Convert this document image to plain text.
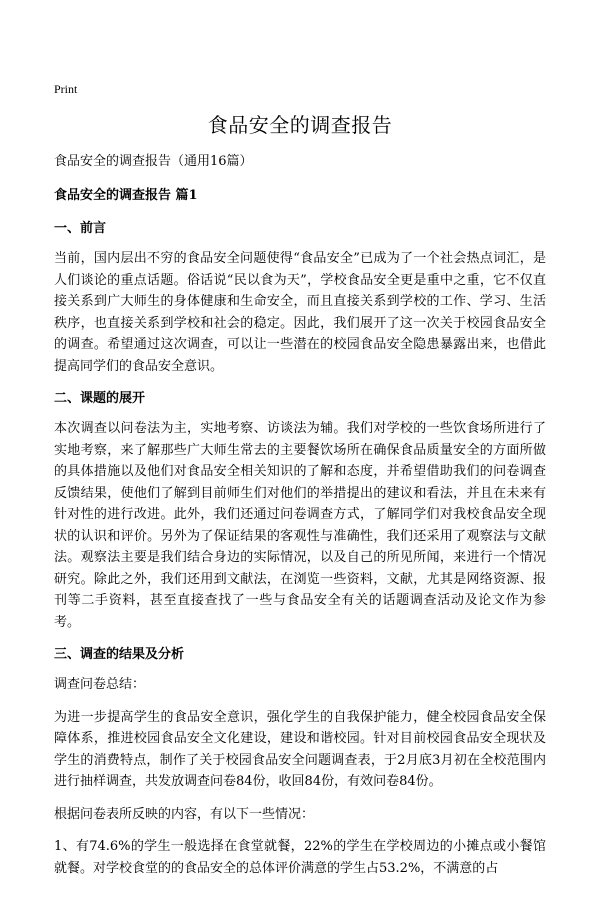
Print
食品安全的调查报告
食品安全的调查报告（通用16篇）
食品安全的调查报告 篇1
一、前言

当前，国内层出不穷的食品安全问题使得“食品安全”已成为了一个社会热点词汇，是人们谈论的重点话题。俗话说“民以食为天”，学校食品安全更是重中之重，它不仅直接关系到广大师生的身体健康和生命安全，而且直接关系到学校的工作、学习、生活秩序，也直接关系到学校和社会的稳定。因此，我们展开了这一次关于校园食品安全的调查。希望通过这次调查，可以让一些潜在的校园食品安全隐患暴露出来，也借此提高同学们的食品安全意识。

二、课题的展开

本次调查以问卷法为主，实地考察、访谈法为辅。我们对学校的一些饮食场所进行了实地考察，来了解那些广大师生常去的主要餐饮场所在确保食品质量安全的方面所做的具体措施以及他们对食品安全相关知识的了解和态度，并希望借助我们的问卷调查反馈结果，使他们了解到目前师生们对他们的举措提出的建议和看法，并且在未来有针对性的进行改进。此外，我们还通过问卷调查方式，了解同学们对我校食品安全现状的认识和评价。另外为了保证结果的客观性与准确性，我们还采用了观察法与文献法。观察法主要是我们结合身边的实际情况，以及自己的所见所闻，来进行一个情况研究。除此之外，我们还用到文献法，在浏览一些资料，文献，尤其是网络资源、报刊等二手资料，甚至直接查找了一些与食品安全有关的话题调查活动及论文作为参考。

三、调查的结果及分析

调查问卷总结：

为进一步提高学生的食品安全意识，强化学生的自我保护能力，健全校园食品安全保障体系，推进校园食品安全文化建设，建设和谐校园。针对目前校园食品安全现状及学生的消费特点，制作了关于校园食品安全问题调查表，于2月底3月初在全校范围内进行抽样调查，共发放调查问卷84份，收回84份，有效问卷84份。

根据问卷表所反映的内容，有以下一些情况：

1、有74.6%的学生一般选择在食堂就餐，22%的学生在学校周边的小摊点或小餐馆就餐。对学校食堂的的食品安全的总体评价满意的学生占53.2%，不满意的占
